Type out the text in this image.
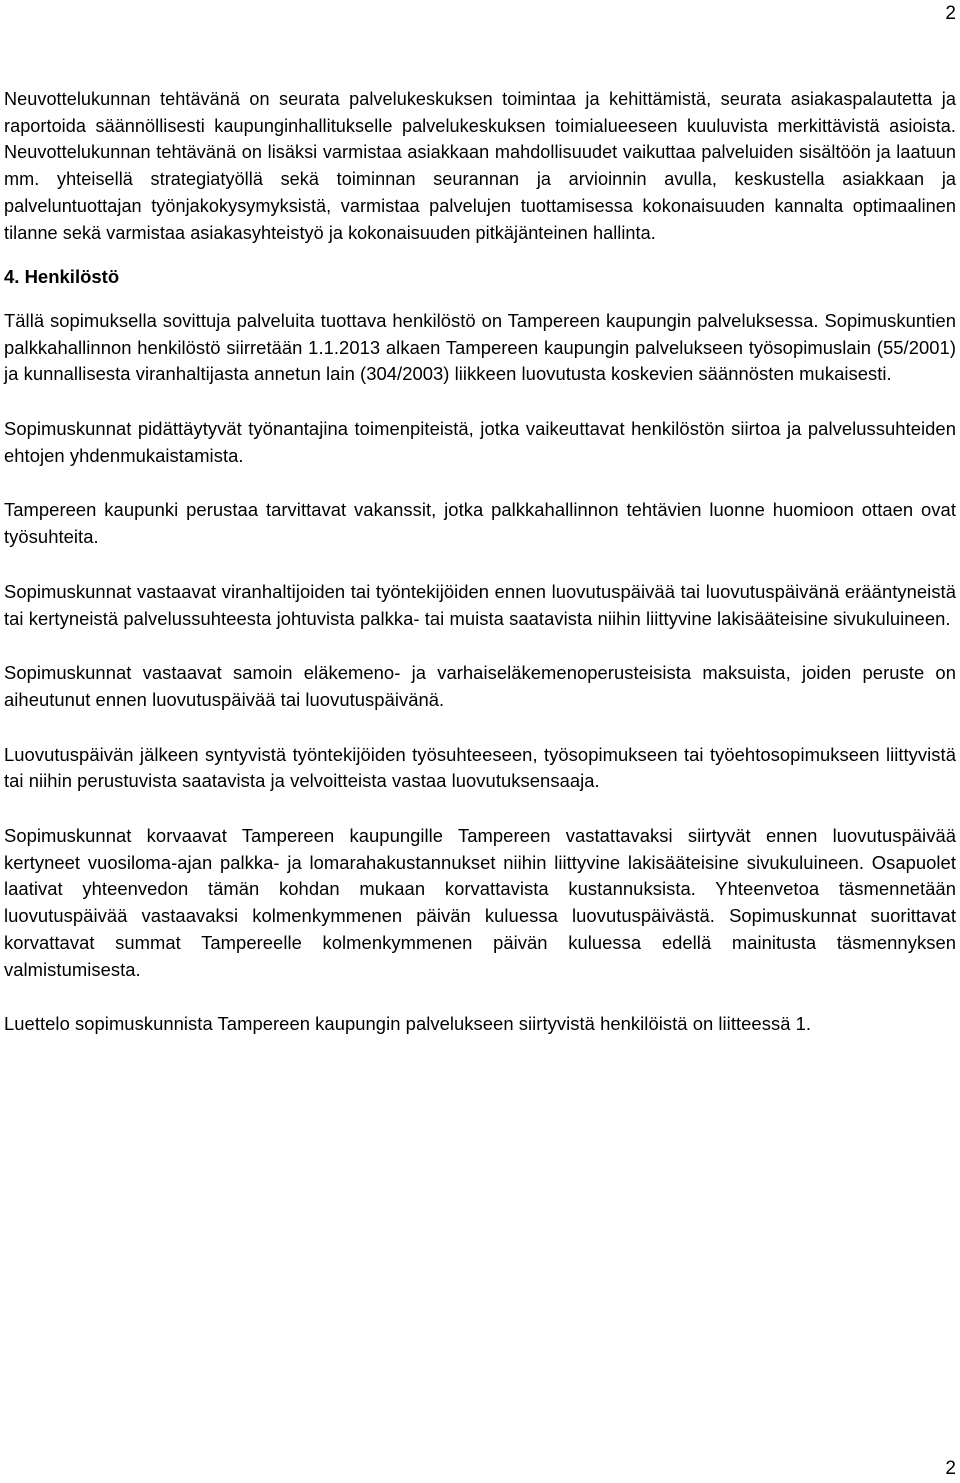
2

Neuvottelukunnan tehtävänä on seurata palvelukeskuksen toimintaa ja kehittämistä, seurata asiakaspalautetta ja raportoida säännöllisesti kaupunginhallitukselle palvelukeskuksen toimialueeseen kuuluvista merkittävistä asioista. Neuvottelukunnan tehtävänä on lisäksi varmistaa asiakkaan mahdollisuudet vaikuttaa palveluiden sisältöön ja laatuun mm. yhteisellä strategiatyöllä sekä toiminnan seurannan ja arvioinnin avulla, keskustella asiakkaan ja palveluntuottajan työnjakokysymyksistä, varmistaa palvelujen tuottamisessa kokonaisuuden kannalta optimaalinen tilanne sekä varmistaa asiakasyhteistyö ja kokonaisuuden pitkäjänteinen hallinta.

4. Henkilöstö

Tällä sopimuksella sovittuja palveluita tuottava henkilöstö on Tampereen kaupungin palveluksessa. Sopimuskuntien palkkahallinnon henkilöstö siirretään 1.1.2013 alkaen Tampereen kaupungin palvelukseen työsopimuslain (55/2001) ja kunnallisesta viranhaltijasta annetun lain (304/2003) liikkeen luovutusta koskevien säännösten mukaisesti.

Sopimuskunnat pidättäytyvät työnantajina toimenpiteistä, jotka vaikeuttavat henkilöstön siirtoa ja palvelussuhteiden ehtojen yhdenmukaistamista.

Tampereen kaupunki perustaa tarvittavat vakanssit, jotka palkkahallinnon tehtävien luonne huomioon ottaen ovat työsuhteita.

Sopimuskunnat vastaavat viranhaltijoiden tai työntekijöiden ennen luovutuspäivää tai luovutuspäivänä erääntyneistä tai kertyneistä palvelussuhteesta johtuvista palkka- tai muista saatavista niihin liittyvine lakisääteisine sivukuluineen.

Sopimuskunnat vastaavat samoin eläkemeno- ja varhaiseläkemenoperusteisista maksuista, joiden peruste on aiheutunut ennen luovutuspäivää tai luovutuspäivänä.

Luovutuspäivän jälkeen syntyvistä työntekijöiden työsuhteeseen, työsopimukseen tai työehtosopimukseen liittyvistä tai niihin perustuvista saatavista ja velvoitteista vastaa luovutuksensaaja.

Sopimuskunnat korvaavat Tampereen kaupungille Tampereen vastattavaksi siirtyvät ennen luovutuspäivää kertyneet vuosiloma-ajan palkka- ja lomarahakustannukset niihin liittyvine lakisääteisine sivukuluineen. Osapuolet laativat yhteenvedon tämän kohdan mukaan korvattavista kustannuksista. Yhteenvetoa täsmennetään luovutuspäivää vastaavaksi kolmenkymmenen päivän kuluessa luovutuspäivästä. Sopimuskunnat suorittavat korvattavat summat Tampereelle kolmenkymmenen päivän kuluessa edellä mainitusta täsmennyksen valmistumisesta.

Luettelo sopimuskunnista Tampereen kaupungin palvelukseen siirtyvistä henkilöistä on liitteessä 1.

2
